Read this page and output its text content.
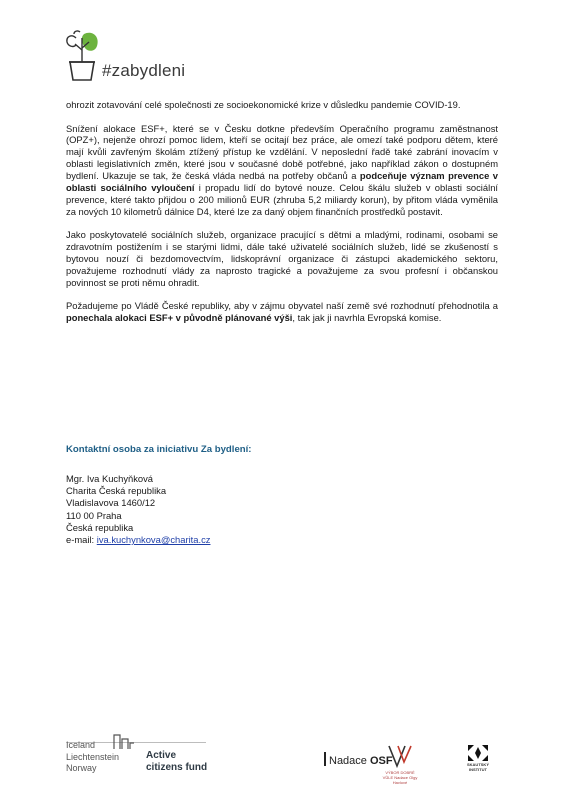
#zabydleni

ohrozit zotavování celé společnosti ze socioekonomické krize v důsledku pandemie COVID-19.

Snížení alokace ESF+, které se v Česku dotkne především Operačního programu zaměstnanost (OPZ+), nejenže ohrozí pomoc lidem, kteří se ocitají bez práce, ale omezí také podporu dětem, které mají kvůli zavřeným školám ztížený přístup ke vzdělání. V neposlední řadě také zabrání inovacím v oblasti legislativních změn, které jsou v současné době potřebné, jako například zákon o dostupném bydlení. Ukazuje se tak, že česká vláda nedbá na potřeby občanů a podceňuje význam prevence v oblasti sociálního vyloučení i propadu lidí do bytové nouze. Celou škálu služeb v oblasti sociální prevence, které takto přijdou o 200 milionů EUR (zhruba 5,2 miliardy korun), by přitom vláda vyměnila za nových 10 kilometrů dálnice D4, které lze za daný objem finančních prostředků postavit.

Jako poskytovatelé sociálních služeb, organizace pracující s dětmi a mladými, rodinami, osobami se zdravotním postižením i se starými lidmi, dále také uživatelé sociálních služeb, lidé se zkušeností s bytovou nouzí či bezdomovectvím, lidskoprávní organizace či zástupci akademického sektoru, považujeme rozhodnutí vlády za naprosto tragické a považujeme za svou profesní i občanskou povinnost se proti němu ohradit.

Požadujeme po Vládě České republiky, aby v zájmu obyvatel naší země své rozhodnutí přehodnotila a ponechala alokaci ESF+ v původně plánované výši, tak jak ji navrhla Evropská komise.

Kontaktní osoba za iniciativu Za bydlení:
Mgr. Iva Kuchyňková
Charita Česká republika
Vladislavova 1460/12
110 00 Praha
Česká republika
e-mail: iva.kuchynkova@charita.cz
Iceland
Liechtenstein
Norway
Active
citizens fund
Nadace OSF
VÝBOR DOBRÉ VŮLE Nadace Olgy Havlové
SKAUTSKÝ INSTITUT
